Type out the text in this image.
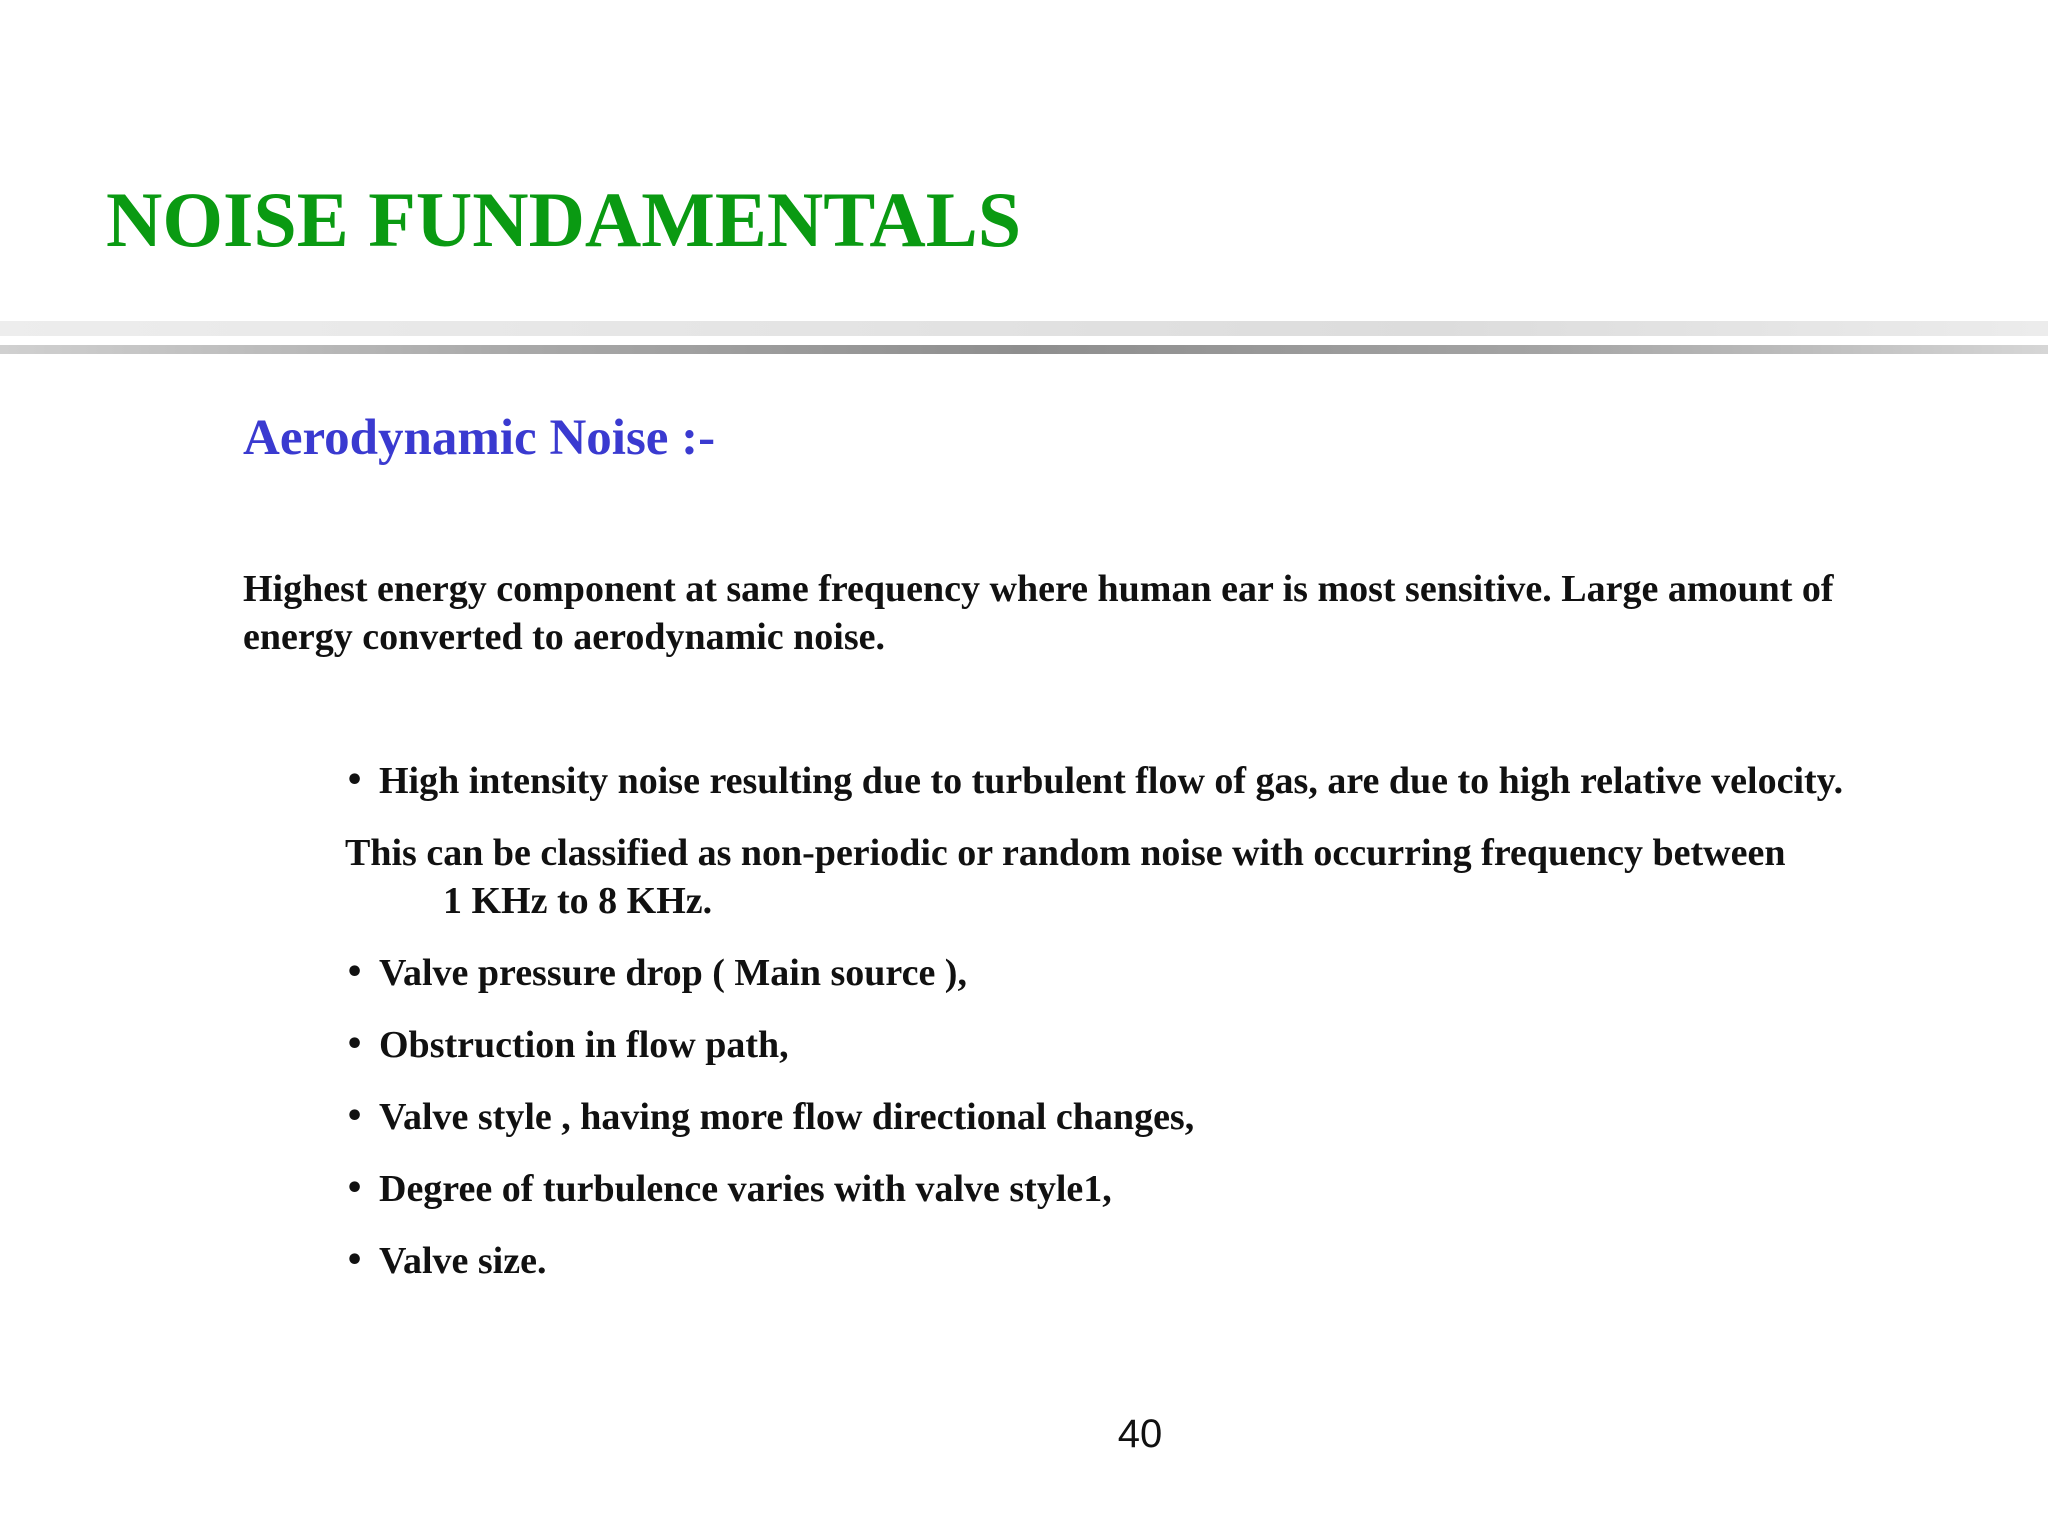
NOISE FUNDAMENTALS
Aerodynamic Noise :-

Highest energy component at same frequency where human ear is most sensitive. Large amount of energy converted to aerodynamic noise.

• High intensity noise resulting due to turbulent flow of gas, are due to high relative velocity.
This can be classified as non-periodic or random noise with occurring frequency between
1 KHz to 8 KHz.
• Valve pressure drop ( Main source ),
• Obstruction in flow path,
• Valve style , having more flow directional changes,
• Degree of turbulence varies with valve style1,
• Valve size.
40
